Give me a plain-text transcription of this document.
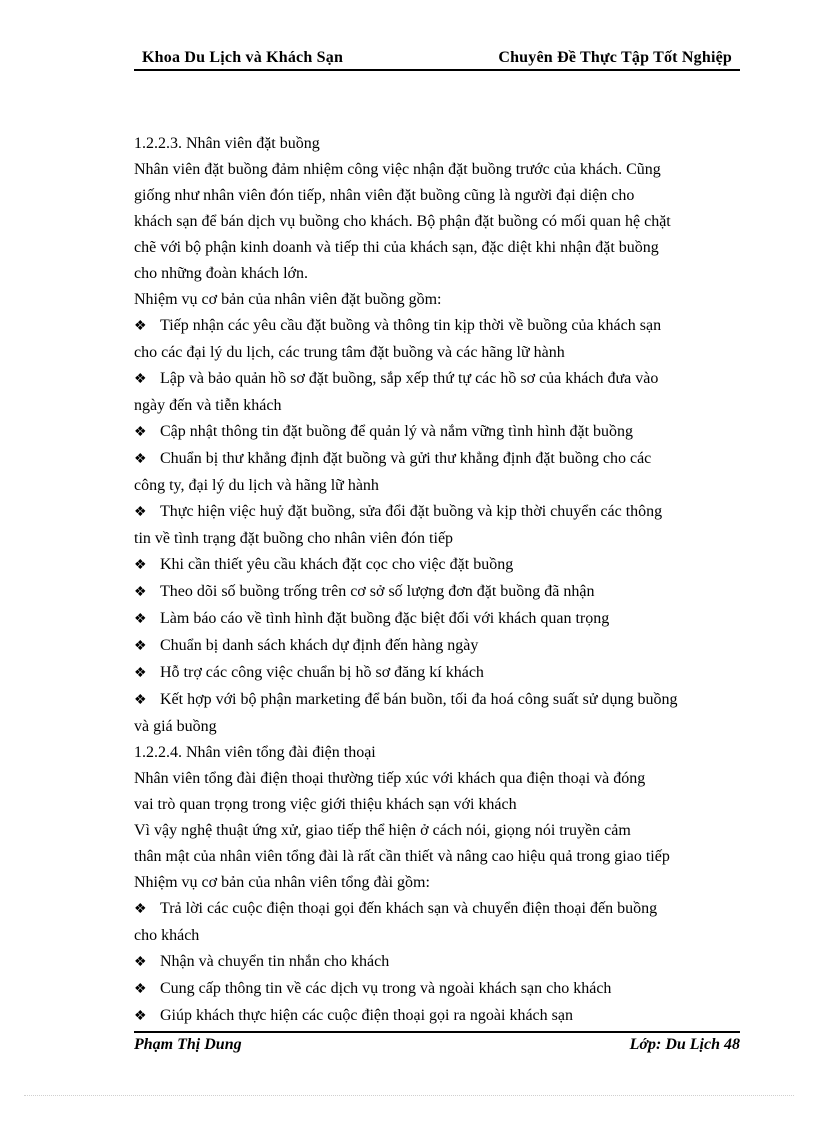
Khoa Du Lịch và Khách Sạn	Chuyên Đề Thực Tập Tốt Nghiệp

1.2.2.3. Nhân viên đặt buồng

Nhân viên đặt buồng đảm nhiệm công việc nhận đặt buồng trước của khách. Cũng

giống như nhân viên đón tiếp, nhân viên đặt buồng cũng là người đại diện cho

khách sạn để bán dịch vụ buồng cho khách. Bộ phận đặt buồng có mối quan hệ chặt

chẽ với bộ phận kinh doanh và tiếp thi của khách sạn, đặc diệt khi nhận đặt buồng

cho những đoàn khách lớn.

Nhiệm vụ cơ bản của nhân viên đặt buồng gồm:

❖ Tiếp nhận các yêu cầu đặt buồng và thông tin kịp thời về buồng của khách sạn

cho các đại lý du lịch, các trung tâm đặt buồng và các hãng lữ hành

❖ Lập và bảo quản hồ sơ đặt buồng, sắp xếp thứ tự các hồ sơ của khách đưa vào

ngày đến và tiễn khách

❖ Cập nhật thông tin đặt buồng để quản lý và nắm vững tình hình đặt buồng

❖ Chuẩn bị thư khẳng định đặt buồng và gửi thư khẳng định đặt buồng cho các

công ty, đại lý du lịch và hãng lữ hành

❖ Thực hiện việc huỷ đặt buồng, sửa đổi đặt buồng và kịp thời chuyển các thông

tin về tình trạng đặt buồng cho nhân viên đón tiếp

❖ Khi cần thiết yêu cầu khách đặt cọc cho việc đặt buồng

❖ Theo dõi số buồng trống trên cơ sở số lượng đơn đặt buồng đã nhận

❖ Làm báo cáo về tình hình đặt buồng đặc biệt đối với khách quan trọng

❖ Chuẩn bị danh sách khách dự định đến hàng ngày

❖ Hỗ trợ các công việc chuẩn bị hồ sơ đăng kí khách

❖ Kết hợp với bộ phận marketing để bán buồn, tối đa hoá công suất sử dụng buồng

và giá buồng

1.2.2.4. Nhân viên tổng đài điện thoại

Nhân viên tổng đài điện thoại thường tiếp xúc với khách qua điện thoại và đóng

vai trò quan trọng trong việc giới thiệu khách sạn với khách

Vì vậy nghệ thuật ứng xử, giao tiếp thể hiện ở cách nói, giọng nói truyền cảm

thân mật của nhân viên tổng đài là rất cần thiết và nâng cao hiệu quả trong giao tiếp

Nhiệm vụ cơ bản của nhân viên tổng đài gồm:

❖ Trả lời các cuộc điện thoại gọi đến khách sạn và chuyển điện thoại đến buồng

cho khách

❖ Nhận và chuyển tin nhắn cho khách

❖ Cung cấp thông tin về các dịch vụ trong và ngoài khách sạn cho khách

❖ Giúp khách thực hiện các cuộc điện thoại gọi ra ngoài khách sạn

Phạm Thị Dung	Lớp: Du Lịch 48
